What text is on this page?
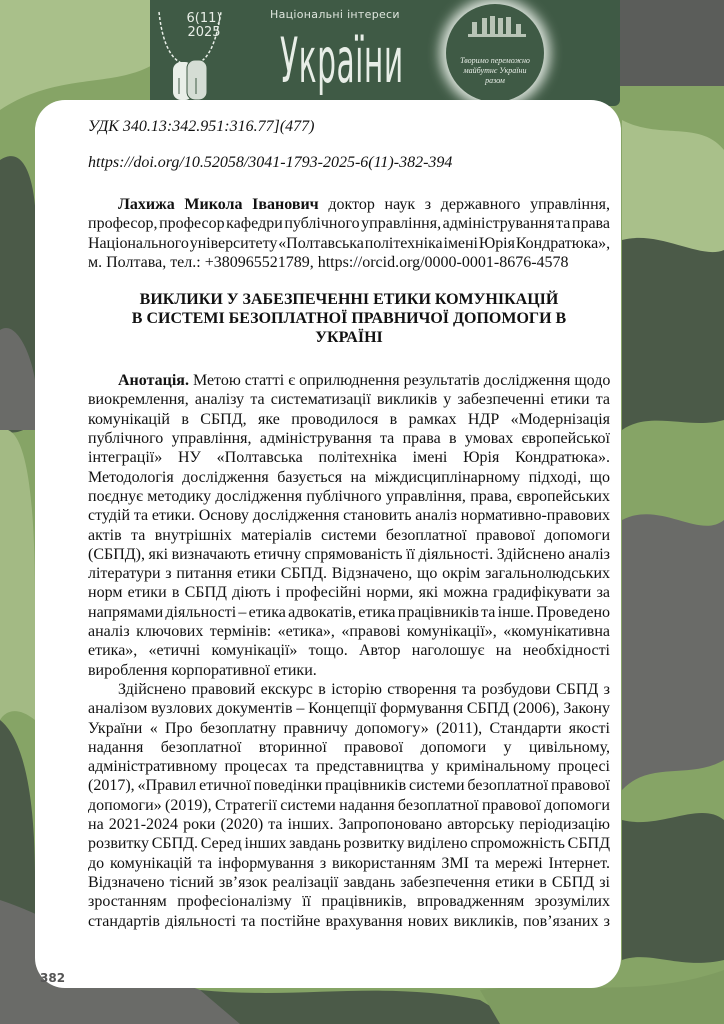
6(11)
2025
Національні інтереси
України	Творимо переможно
майбутнє України
разом
УДК 340.13:342.951:316.77](477)
https://doi.org/10.52058/3041-1793-2025-6(11)-382-394
Лахижа Микола Іванович доктор наук з державного управління,
професор, професор кафедри публічного управління, адміністрування та права
Національного університету «Полтавська політехніка імені Юрія Кондратюка»,
м. Полтава, тел.: +380965521789, https://orcid.org/0000-0001-8676-4578
ВИКЛИКИ У ЗАБЕЗПЕЧЕННІ ЕТИКИ КОМУНІКАЦІЙ
В СИСТЕМІ БЕЗОПЛАТНОЇ ПРАВНИЧОЇ ДОПОМОГИ В
УКРАЇНІ
Анотація. Метою статті є оприлюднення результатів дослідження щодо
виокремлення, аналізу та систематизації викликів у забезпеченні етики та
комунікацій в СБПД, яке проводилося в рамках НДР «Модернізація
публічного управління, адміністрування та права в умовах європейської
інтеграції» НУ «Полтавська політехніка імені Юрія Кондратюка».
Методологія дослідження базується на міждисциплінарному підході, що
поєднує методику дослідження публічного управління, права, європейських
студій та етики. Основу дослідження становить аналіз нормативно-правових
актів та внутрішніх матеріалів системи безоплатної правової допомоги
(СБПД), які визначають етичну спрямованість її діяльності. Здійснено аналіз
літератури з питання етики СБПД. Відзначено, що окрім загальнолюдських
норм етики в СБПД діють і професійні норми, які можна градифікувати за
напрямами діяльності – етика адвокатів, етика працівників та інше. Проведено
аналіз ключових термінів: «етика», «правові комунікації», «комунікативна
етика», «етичні комунікації» тощо. Автор наголошує на необхідності
вироблення корпоративної етики.
Здійснено правовий екскурс в історію створення та розбудови СБПД з
аналізом вузлових документів – Концепції формування СБПД (2006), Закону
України « Про безоплатну правничу допомогу» (2011), Стандарти якості
надання безоплатної вторинної правової допомоги у цивільному,
адміністративному процесах та представництва у кримінальному процесі
(2017), «Правил етичної поведінки працівників системи безоплатної правової
допомоги» (2019), Стратегії системи надання безоплатної правової допомоги
на 2021-2024 роки (2020) та інших. Запропоновано авторську періодизацію
розвитку СБПД. Серед інших завдань розвитку виділено спроможність СБПД
до комунікацій та інформування з використанням ЗМІ та мережі Інтернет.
Відзначено тісний зв’язок реалізації завдань забезпечення етики в СБПД зі
зростанням професіоналізму її працівників, впровадженням зрозумілих
стандартів діяльності та постійне врахування нових викликів, пов’язаних з
382
